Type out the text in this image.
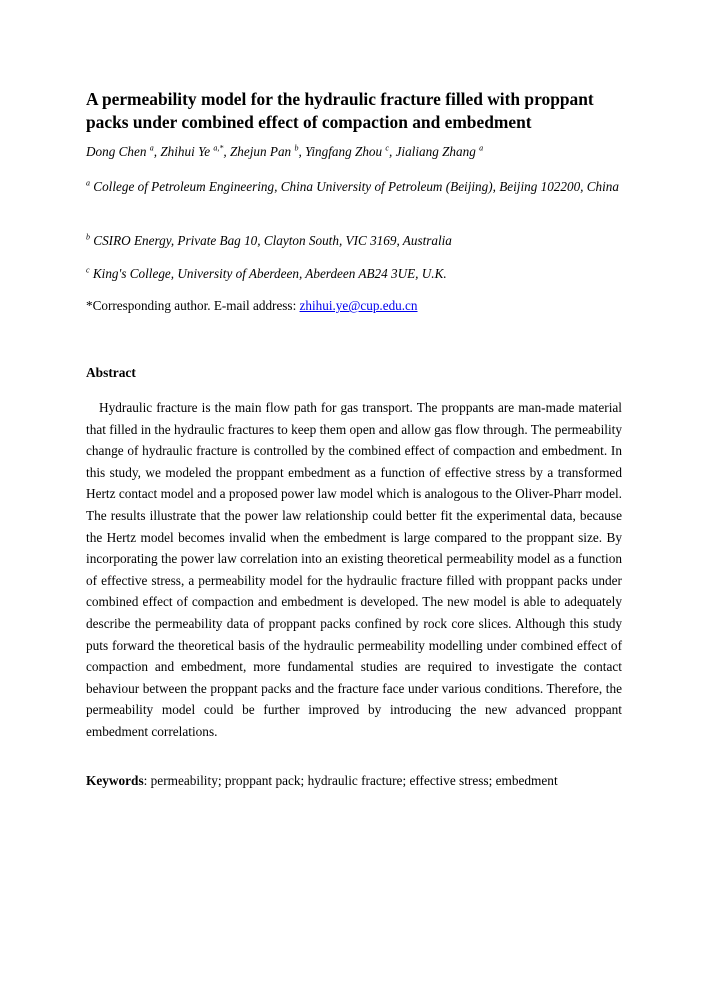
A permeability model for the hydraulic fracture filled with proppant packs under combined effect of compaction and embedment
Dong Chen $^a$, Zhihui Ye $^{a,*}$, Zhejun Pan $^b$, Yingfang Zhou $^c$, Jialiang Zhang $^a$
$^a$ College of Petroleum Engineering, China University of Petroleum (Beijing), Beijing 102200, China
$^b$ CSIRO Energy, Private Bag 10, Clayton South, VIC 3169, Australia
$^c$ King's College, University of Aberdeen, Aberdeen AB24 3UE, U.K.
*Corresponding author. E-mail address: zhihui.ye@cup.edu.cn
Abstract

Hydraulic fracture is the main flow path for gas transport. The proppants are man-made material that filled in the hydraulic fractures to keep them open and allow gas flow through. The permeability change of hydraulic fracture is controlled by the combined effect of compaction and embedment. In this study, we modeled the proppant embedment as a function of effective stress by a transformed Hertz contact model and a proposed power law model which is analogous to the Oliver-Pharr model. The results illustrate that the power law relationship could better fit the experimental data, because the Hertz model becomes invalid when the embedment is large compared to the proppant size. By incorporating the power law correlation into an existing theoretical permeability model as a function of effective stress, a permeability model for the hydraulic fracture filled with proppant packs under combined effect of compaction and embedment is developed. The new model is able to adequately describe the permeability data of proppant packs confined by rock core slices. Although this study puts forward the theoretical basis of the hydraulic permeability modelling under combined effect of compaction and embedment, more fundamental studies are required to investigate the contact behaviour between the proppant packs and the fracture face under various conditions. Therefore, the permeability model could be further improved by introducing the new advanced proppant embedment correlations.

Keywords: permeability; proppant pack; hydraulic fracture; effective stress; embedment
